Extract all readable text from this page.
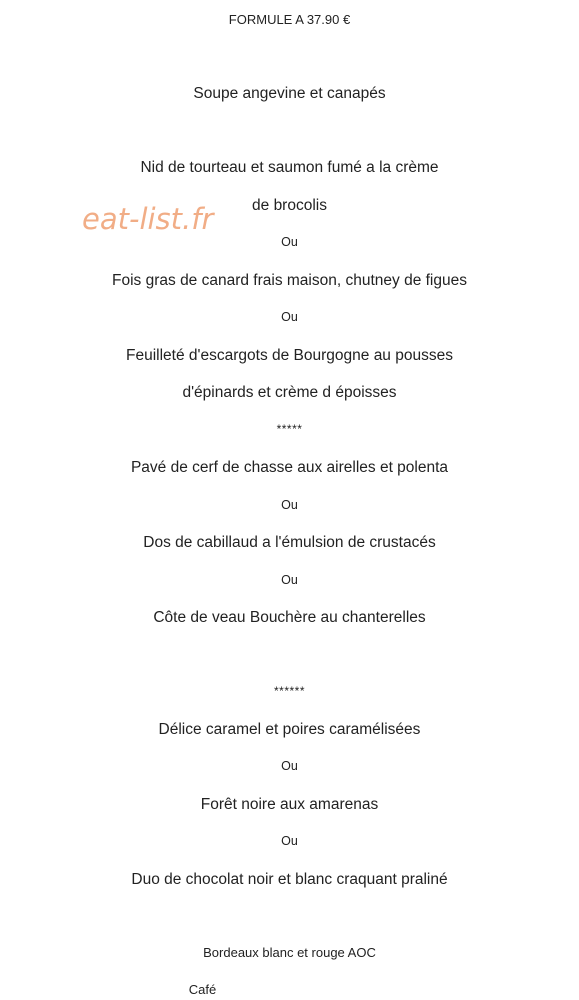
FORMULE A 37.90 €
Soupe angevine et canapés
Nid de tourteau et saumon fumé a la crème
de brocolis
Ou
Fois gras de canard frais maison, chutney de figues
Ou
Feuilleté d'escargots de Bourgogne au pousses
d'épinards et crème d époisses
*****
Pavé de cerf de chasse aux airelles et polenta
Ou
Dos de cabillaud a l'émulsion de crustacés
Ou
Côte de veau Bouchère au chanterelles
******
Délice caramel et poires caramélisées
Ou
Forêt noire aux amarenas
Ou
Duo de chocolat noir et blanc craquant praliné
Bordeaux blanc et rouge AOC
Café
eat-list.fr
